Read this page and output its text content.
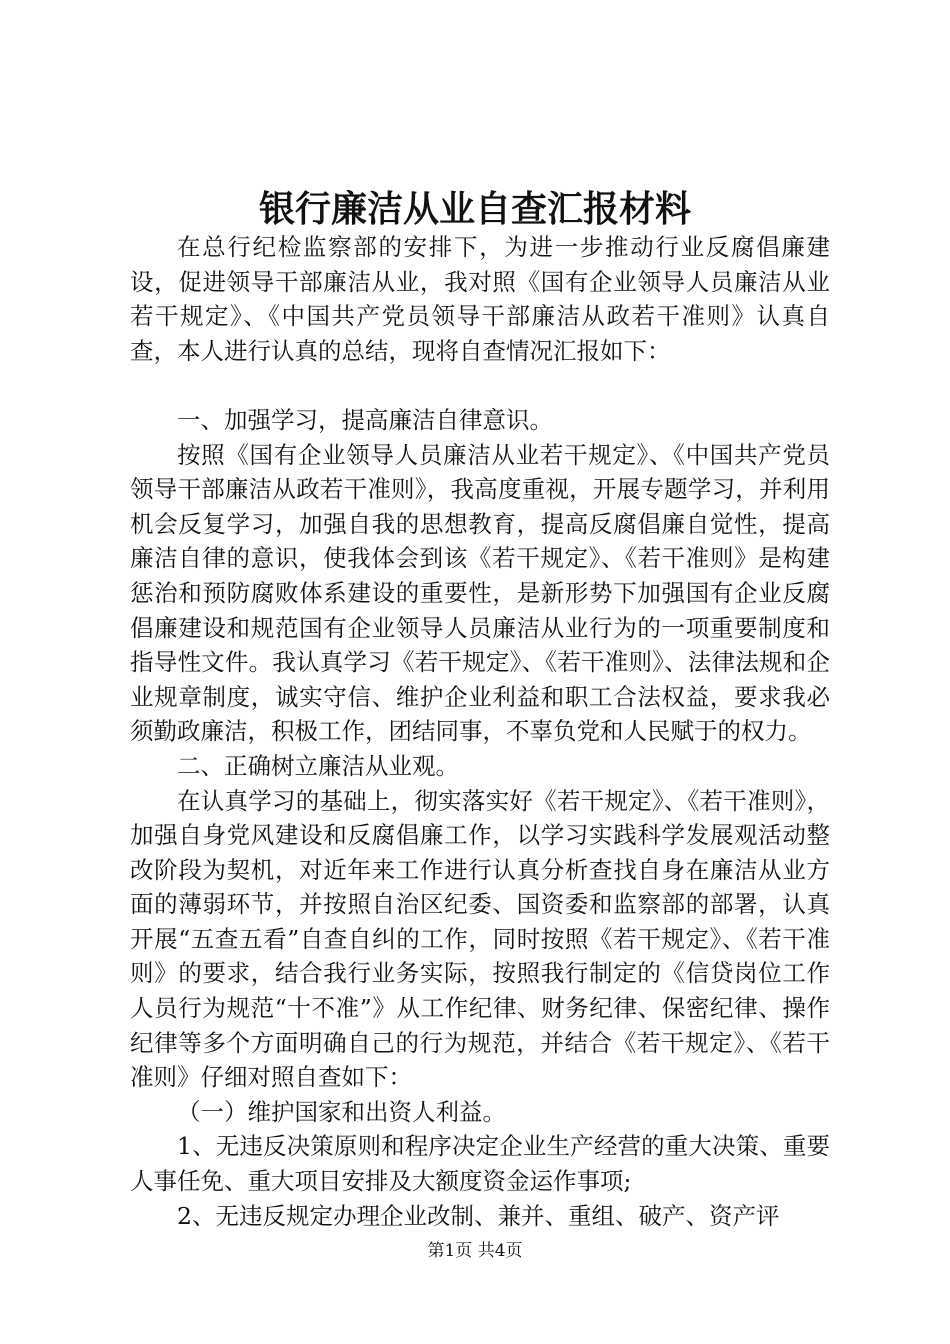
银行廉洁从业自查汇报材料

在总行纪检监察部的安排下，为进一步推动行业反腐倡廉建设，促进领导干部廉洁从业，我对照《国有企业领导人员廉洁从业若干规定》、《中国共产党员领导干部廉洁从政若干准则》认真自查，本人进行认真的总结，现将自查情况汇报如下：

一、加强学习，提高廉洁自律意识。

按照《国有企业领导人员廉洁从业若干规定》、《中国共产党员领导干部廉洁从政若干准则》，我高度重视，开展专题学习，并利用机会反复学习，加强自我的思想教育，提高反腐倡廉自觉性，提高廉洁自律的意识，使我体会到该《若干规定》、《若干准则》是构建惩治和预防腐败体系建设的重要性，是新形势下加强国有企业反腐倡廉建设和规范国有企业领导人员廉洁从业行为的一项重要制度和指导性文件。我认真学习《若干规定》、《若干准则》、法律法规和企业规章制度，诚实守信、维护企业利益和职工合法权益，要求我必须勤政廉洁，积极工作，团结同事，不辜负党和人民赋于的权力。

二、正确树立廉洁从业观。

在认真学习的基础上，彻实落实好《若干规定》、《若干准则》，加强自身党风建设和反腐倡廉工作，以学习实践科学发展观活动整改阶段为契机，对近年来工作进行认真分析查找自身在廉洁从业方面的薄弱环节，并按照自治区纪委、国资委和监察部的部署，认真开展“五查五看”自查自纠的工作，同时按照《若干规定》、《若干准则》的要求，结合我行业务实际，按照我行制定的《信贷岗位工作人员行为规范“十不准”》从工作纪律、财务纪律、保密纪律、操作纪律等多个方面明确自己的行为规范，并结合《若干规定》、《若干准则》仔细对照自查如下：

（一）维护国家和出资人利益。

1、无违反决策原则和程序决定企业生产经营的重大决策、重要人事任免、重大项目安排及大额度资金运作事项;

2、无违反规定办理企业改制、兼并、重组、破产、资产评

第1页 共4页
